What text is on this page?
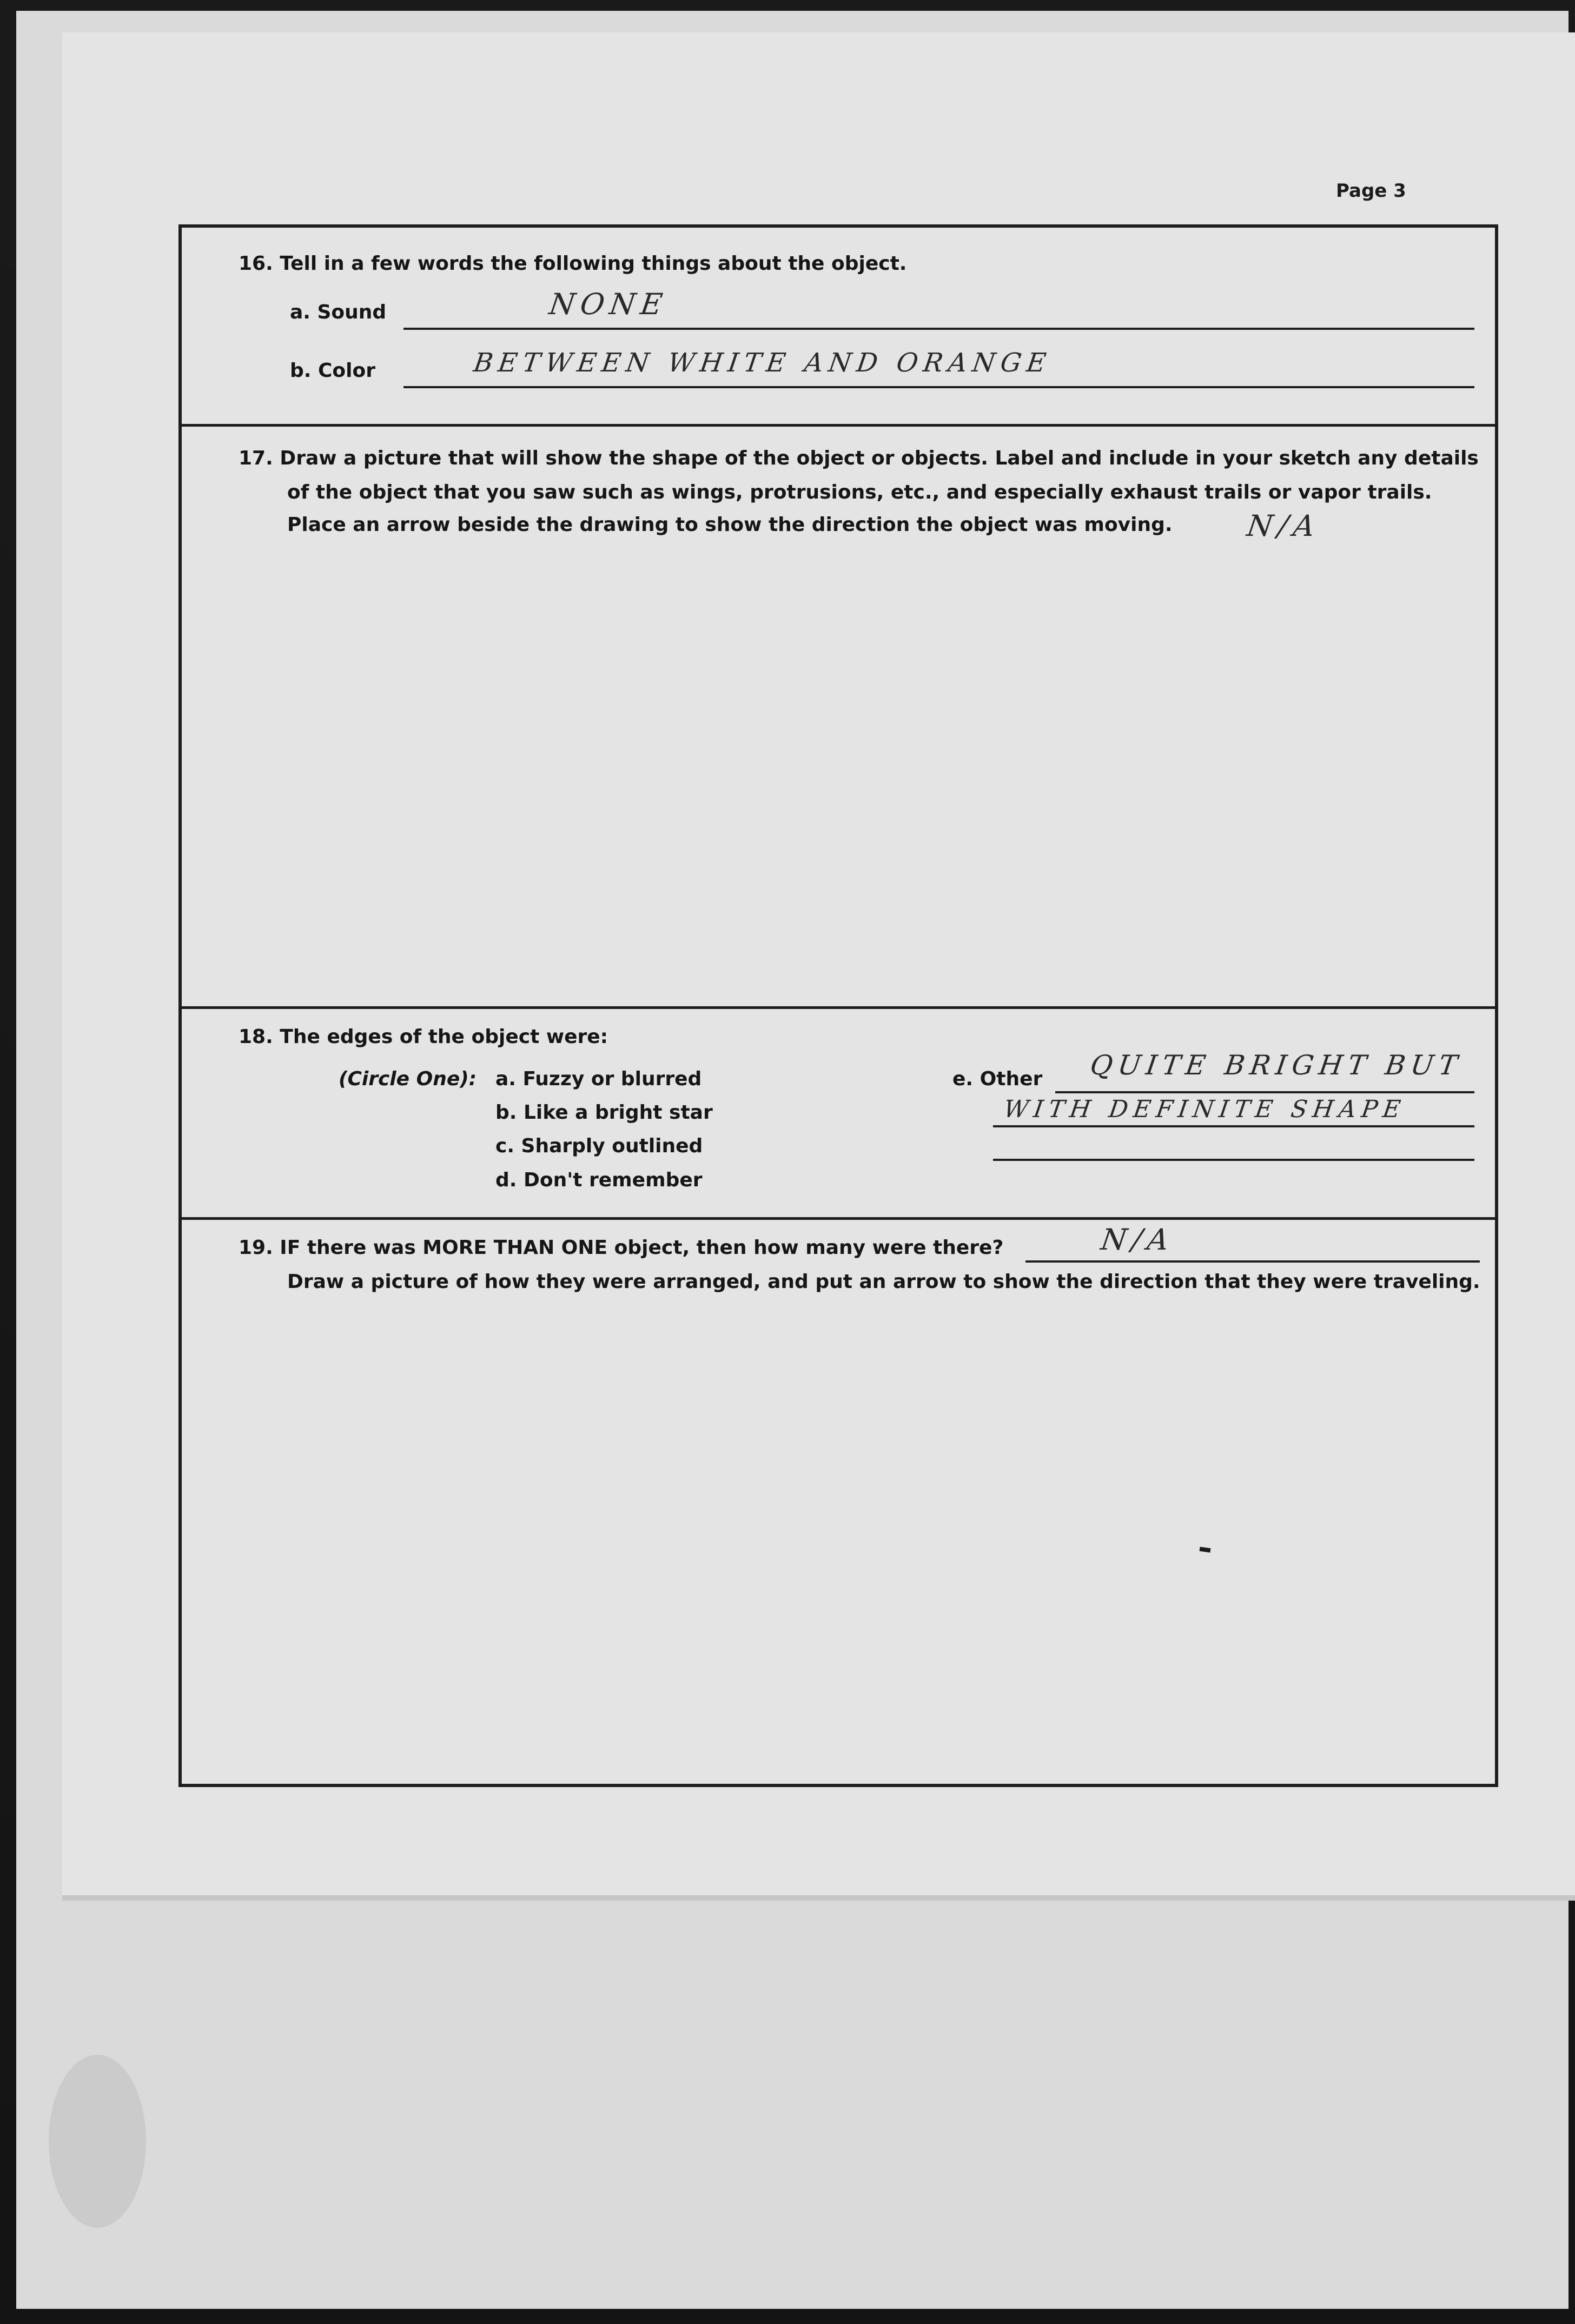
Page 3
16. Tell in a few words the following things about the object.
a. Sound	NONE
b. Color	BETWEEN WHITE AND ORANGE
17. Draw a picture that will show the shape of the object or objects. Label and include in your sketch any details
of the object that you saw such as wings, protrusions, etc., and especially exhaust trails or vapor trails.
Place an arrow beside the drawing to show the direction the object was moving. N/A
18. The edges of the object were:
(Circle One): a. Fuzzy or blurred
b. Like a bright star
c. Sharply outlined
d. Don't remember
e. Other QUITE BRIGHT BUT
WITH DEFINITE SHAPE
19. IF there was MORE THAN ONE object, then how many were there?	N/A
Draw a picture of how they were arranged, and put an arrow to show the direction that they were traveling.
